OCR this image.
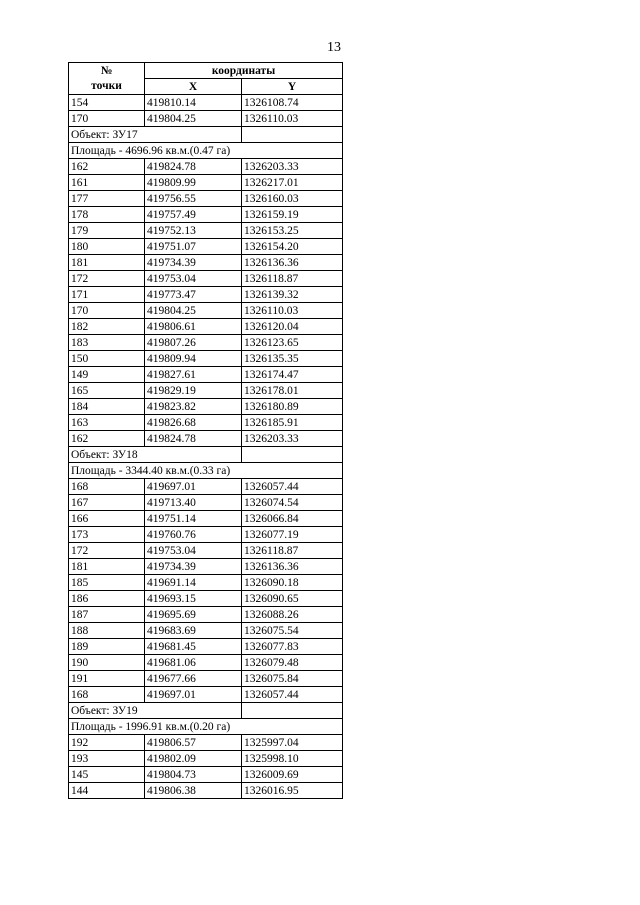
13
№
точки	координаты	
	X	Y
154	419810.14	1326108.74
170	419804.25	1326110.03
Объект: ЗУ17		
Площадь - 4696.96 кв.м.(0.47 га)		
162	419824.78	1326203.33
161	419809.99	1326217.01
177	419756.55	1326160.03
178	419757.49	1326159.19
179	419752.13	1326153.25
180	419751.07	1326154.20
181	419734.39	1326136.36
172	419753.04	1326118.87
171	419773.47	1326139.32
170	419804.25	1326110.03
182	419806.61	1326120.04
183	419807.26	1326123.65
150	419809.94	1326135.35
149	419827.61	1326174.47
165	419829.19	1326178.01
184	419823.82	1326180.89
163	419826.68	1326185.91
162	419824.78	1326203.33
Объект: ЗУ18		
Площадь - 3344.40 кв.м.(0.33 га)		
168	419697.01	1326057.44
167	419713.40	1326074.54
166	419751.14	1326066.84
173	419760.76	1326077.19
172	419753.04	1326118.87
181	419734.39	1326136.36
185	419691.14	1326090.18
186	419693.15	1326090.65
187	419695.69	1326088.26
188	419683.69	1326075.54
189	419681.45	1326077.83
190	419681.06	1326079.48
191	419677.66	1326075.84
168	419697.01	1326057.44
Объект: ЗУ19		
Площадь - 1996.91 кв.м.(0.20 га)		
192	419806.57	1325997.04
193	419802.09	1325998.10
145	419804.73	1326009.69
144	419806.38	1326016.95
